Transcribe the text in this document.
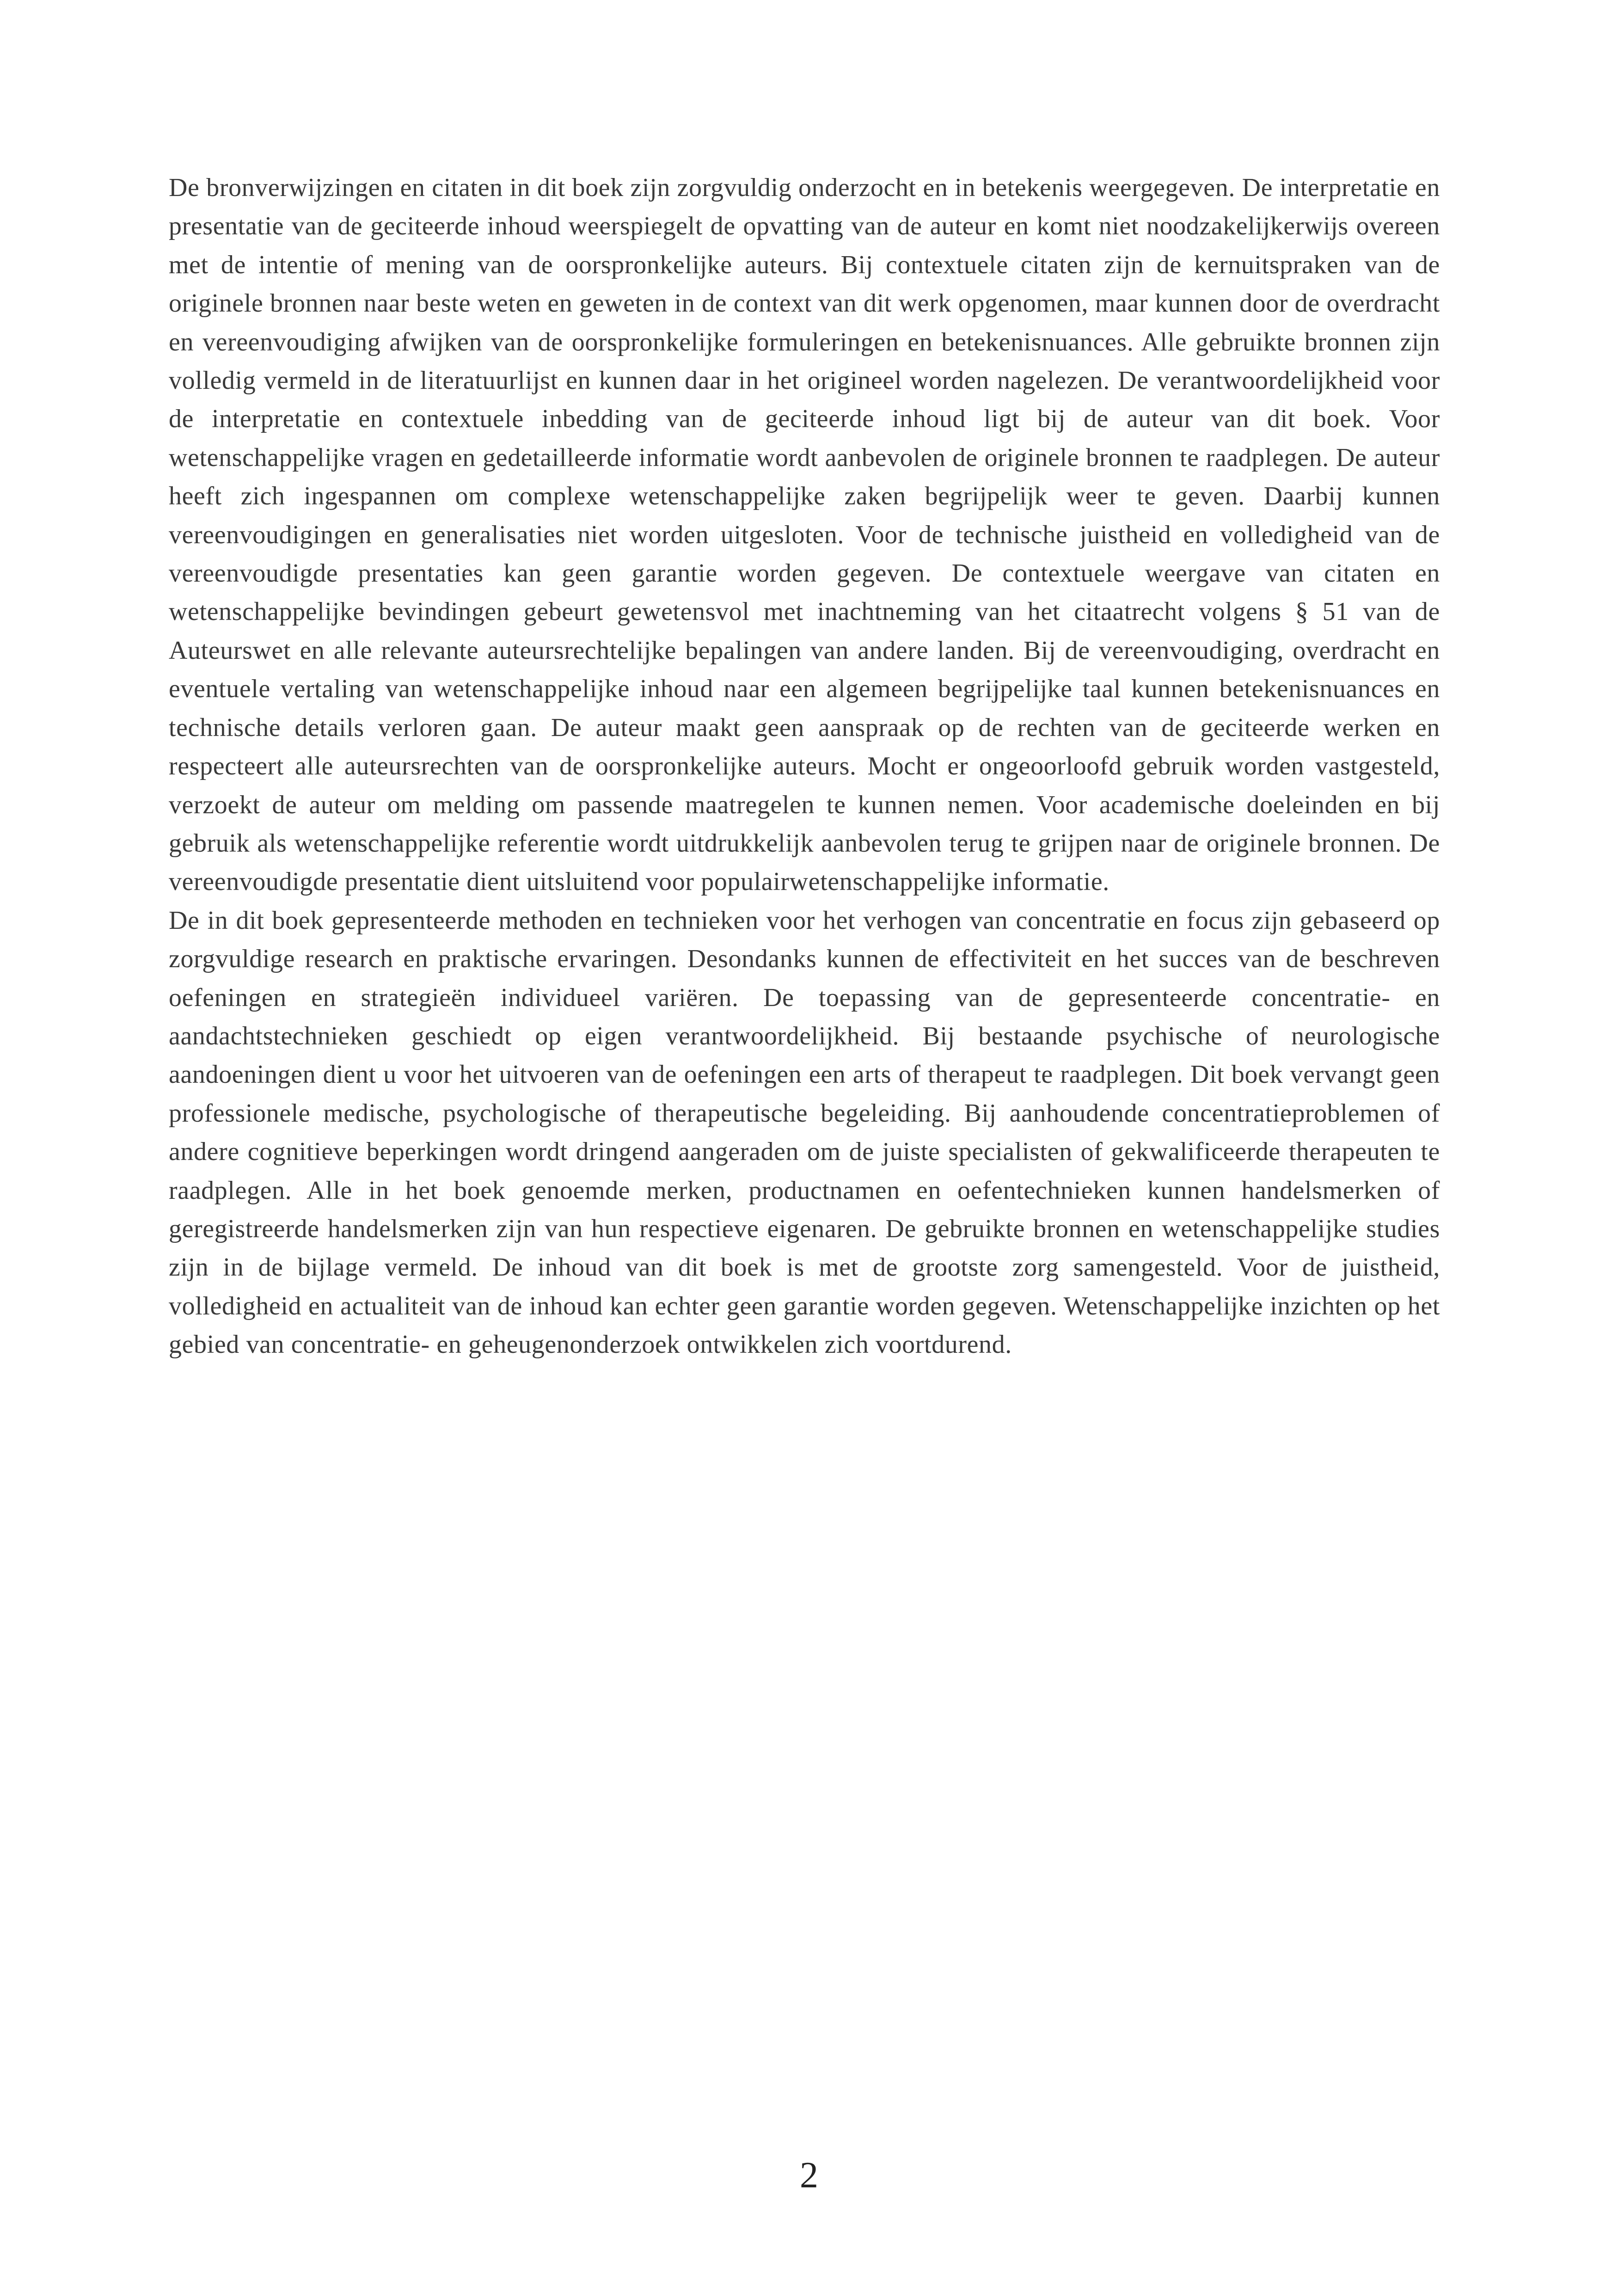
De bronverwijzingen en citaten in dit boek zijn zorgvuldig onderzocht en in betekenis weergegeven. De interpretatie en presentatie van de geciteerde inhoud weerspiegelt de opvatting van de auteur en komt niet noodzakelijkerwijs overeen met de intentie of mening van de oorspronkelijke auteurs. Bij contextuele citaten zijn de kernuitspraken van de originele bronnen naar beste weten en geweten in de context van dit werk opgenomen, maar kunnen door de overdracht en vereenvoudiging afwijken van de oorspronkelijke formuleringen en betekenisnuances. Alle gebruikte bronnen zijn volledig vermeld in de literatuurlijst en kunnen daar in het origineel worden nagelezen. De verantwoordelijkheid voor de interpretatie en contextuele inbedding van de geciteerde inhoud ligt bij de auteur van dit boek. Voor wetenschappelijke vragen en gedetailleerde informatie wordt aanbevolen de originele bronnen te raadplegen. De auteur heeft zich ingespannen om complexe wetenschappelijke zaken begrijpelijk weer te geven. Daarbij kunnen vereenvoudigingen en generalisaties niet worden uitgesloten. Voor de technische juistheid en volledigheid van de vereenvoudigde presentaties kan geen garantie worden gegeven. De contextuele weergave van citaten en wetenschappelijke bevindingen gebeurt gewetensvol met inachtneming van het citaatrecht volgens § 51 van de Auteurswet en alle relevante auteursrechtelijke bepalingen van andere landen. Bij de vereenvoudiging, overdracht en eventuele vertaling van wetenschappelijke inhoud naar een algemeen begrijpelijke taal kunnen betekenisnuances en technische details verloren gaan. De auteur maakt geen aanspraak op de rechten van de geciteerde werken en respecteert alle auteursrechten van de oorspronkelijke auteurs. Mocht er ongeoorloofd gebruik worden vastgesteld, verzoekt de auteur om melding om passende maatregelen te kunnen nemen. Voor academische doeleinden en bij gebruik als wetenschappelijke referentie wordt uitdrukkelijk aanbevolen terug te grijpen naar de originele bronnen. De vereenvoudigde presentatie dient uitsluitend voor populairwetenschappelijke informatie.

De in dit boek gepresenteerde methoden en technieken voor het verhogen van concentratie en focus zijn gebaseerd op zorgvuldige research en praktische ervaringen. Desondanks kunnen de effectiviteit en het succes van de beschreven oefeningen en strategieën individueel variëren. De toepassing van de gepresenteerde concentratie- en aandachtstechnieken geschiedt op eigen verantwoordelijkheid. Bij bestaande psychische of neurologische aandoeningen dient u voor het uitvoeren van de oefeningen een arts of therapeut te raadplegen. Dit boek vervangt geen professionele medische, psychologische of therapeutische begeleiding. Bij aanhoudende concentratieproblemen of andere cognitieve beperkingen wordt dringend aangeraden om de juiste specialisten of gekwalificeerde therapeuten te raadplegen. Alle in het boek genoemde merken, productnamen en oefentechnieken kunnen handelsmerken of geregistreerde handelsmerken zijn van hun respectieve eigenaren. De gebruikte bronnen en wetenschappelijke studies zijn in de bijlage vermeld. De inhoud van dit boek is met de grootste zorg samengesteld. Voor de juistheid, volledigheid en actualiteit van de inhoud kan echter geen garantie worden gegeven. Wetenschappelijke inzichten op het gebied van concentratie- en geheugenonderzoek ontwikkelen zich voortdurend.

2
